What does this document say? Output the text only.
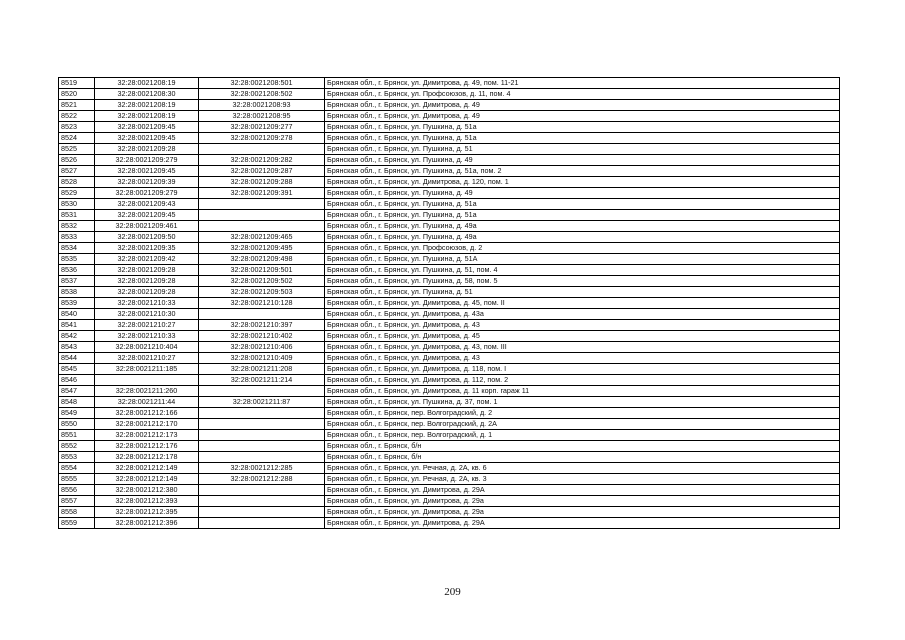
8519	32:28:0021208:19	32:28:0021208:501	Брянская обл., г. Брянск, ул. Димитрова, д. 49, пом. 11-21
8520	32:28:0021208:30	32:28:0021208:502	Брянская обл., г. Брянск, ул. Профсоюзов, д. 11, пом. 4
8521	32:28:0021208:19	32:28:0021208:93	Брянская обл., г. Брянск, ул. Димитрова, д. 49
8522	32:28:0021208:19	32:28:0021208:95	Брянская обл., г. Брянск, ул. Димитрова, д. 49
8523	32:28:0021209:45	32:28:0021209:277	Брянская обл., г. Брянск, ул. Пушкина, д. 51а
8524	32:28:0021209:45	32:28:0021209:278	Брянская обл., г. Брянск, ул. Пушкина, д. 51а
8525	32:28:0021209:28		Брянская обл., г. Брянск, ул. Пушкина, д. 51
8526	32:28:0021209:279	32:28:0021209:282	Брянская обл., г. Брянск, ул. Пушкина, д. 49
8527	32:28:0021209:45	32:28:0021209:287	Брянская обл., г. Брянск, ул. Пушкина, д. 51а, пом. 2
8528	32:28:0021209:39	32:28:0021209:288	Брянская обл., г. Брянск, ул. Димитрова, д. 120, пом. 1
8529	32:28:0021209:279	32:28:0021209:391	Брянская обл., г. Брянск, ул. Пушкина, д. 49
8530	32:28:0021209:43		Брянская обл., г. Брянск, ул. Пушкина, д. 51а
8531	32:28:0021209:45		Брянская обл., г. Брянск, ул. Пушкина, д. 51а
8532	32:28:0021209:461		Брянская обл., г. Брянск, ул. Пушкина, д. 49а
8533	32:28:0021209:50	32:28:0021209:465	Брянская обл., г. Брянск, ул. Пушкина, д. 49а
8534	32:28:0021209:35	32:28:0021209:495	Брянская обл., г. Брянск, ул. Профсоюзов, д. 2
8535	32:28:0021209:42	32:28:0021209:498	Брянская обл., г. Брянск, ул. Пушкина, д. 51А
8536	32:28:0021209:28	32:28:0021209:501	Брянская обл., г. Брянск, ул. Пушкина, д. 51, пом. 4
8537	32:28:0021209:28	32:28:0021209:502	Брянская обл., г. Брянск, ул. Пушкина, д. 58, пом. 5
8538	32:28:0021209:28	32:28:0021209:503	Брянская обл., г. Брянск, ул. Пушкина, д. 51
8539	32:28:0021210:33	32:28:0021210:128	Брянская обл., г. Брянск, ул. Димитрова, д. 45, пом. II
8540	32:28:0021210:30		Брянская обл., г. Брянск, ул. Димитрова, д. 43а
8541	32:28:0021210:27	32:28:0021210:397	Брянская обл., г. Брянск, ул. Димитрова, д. 43
8542	32:28:0021210:33	32:28:0021210:402	Брянская обл., г. Брянск, ул. Димитрова, д. 45
8543	32:28:0021210:404	32:28:0021210:406	Брянская обл., г. Брянск, ул. Димитрова, д. 43, пом. III
8544	32:28:0021210:27	32:28:0021210:409	Брянская обл., г. Брянск, ул. Димитрова, д. 43
8545	32:28:0021211:185	32:28:0021211:208	Брянская обл., г. Брянск, ул. Димитрова, д. 118, пом. I
8546		32:28:0021211:214	Брянская обл., г. Брянск, ул. Димитрова, д. 112, пом. 2
8547	32:28:0021211:260		Брянская обл., г. Брянск, ул. Димитрова, д. 11 корп. гараж 11
8548	32:28:0021211:44	32:28:0021211:87	Брянская обл., г. Брянск, ул. Пушкина, д. 37, пом. 1
8549	32:28:0021212:166		Брянская обл., г. Брянск, пер. Волгоградский, д. 2
8550	32:28:0021212:170		Брянская обл., г. Брянск, пер. Волгоградский, д. 2А
8551	32:28:0021212:173		Брянская обл., г. Брянск, пер. Волгоградский, д. 1
8552	32:28:0021212:176		Брянская обл., г. Брянск, б/н
8553	32:28:0021212:178		Брянская обл., г. Брянск, б/н
8554	32:28:0021212:149	32:28:0021212:285	Брянская обл., г. Брянск, ул. Речная, д. 2А, кв. 6
8555	32:28:0021212:149	32:28:0021212:288	Брянская обл., г. Брянск, ул. Речная, д. 2А, кв. 3
8556	32:28:0021212:380		Брянская обл., г. Брянск, ул. Димитрова, д. 29А
8557	32:28:0021212:393		Брянская обл., г. Брянск, ул. Димитрова, д. 29а
8558	32:28:0021212:395		Брянская обл., г. Брянск, ул. Димитрова, д. 29а
8559	32:28:0021212:396		Брянская обл., г. Брянск, ул. Димитрова, д. 29А
209
